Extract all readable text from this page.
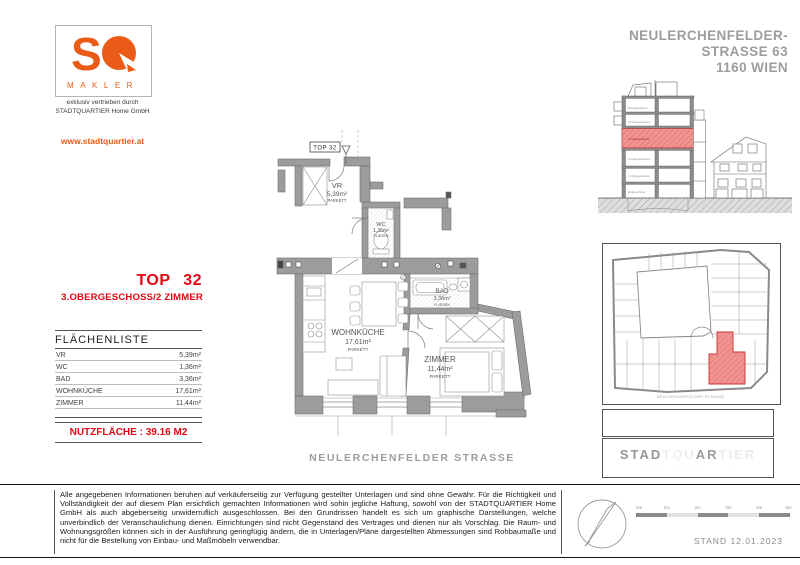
S
MAKLER
exklusiv vertrieben durch
STADTQUARTIER Home GmbH
www.stadtquartier.at
NEULERCHENFELDER-
STRASSE 63
1160 WIEN
Dachgeschoss
4.Obergeschoss
3.Obergeschoss
2.Obergeschoss
1.Obergeschoss
Erdgeschoss
TOP 32
3.OBERGESCHOSS/2 ZIMMER
FLÄCHENLISTE
VR	5,39m²
WC	1,36m²
BAD	3,36m²
WOHNKÜCHE	17,61m²
ZIMMER	11,44m²
NUTZFLÄCHE : 39.16 M2
TOP 32
VR
5,39m²
PARKETT
WC
1,36m²
FLIESEN
BAD
3,36m²
FLIESEN
WOHNKÜCHE
17,61m²
PARKETT
ZIMMER
11,44m²
PARKETT
NEULERCHENFELDER STRASSE
NEULERCHENFELDER STRASSE
STADTQUARTIER
· · ·   · · · ·   · ·
Alle angegebenen Informationen beruhen auf verkäuferseitig zur Verfügung gestellter Unterlagen und sind ohne Gewähr. Für die Richtigkeit und Vollständigkeit der auf diesem Plan ersichtlich gemachten Informationen wird sohin jegliche Haftung, sowohl von der STADTQUARTIER Home GmbH als auch abgeberseitig unwiderruflich ausgeschlossen. Bei den Grundrissen handelt es sich um graphische Darstellungen, welche unverbindlich der Veranschaulichung dienen. Einrichtungen sind nicht Gegenstand des Vertrages und dienen nur als Vorschlag. Die Raum- und Wohnungsgrößen können sich in der Ausführung geringfügig ändern, die in Unterlagen/Pläne dargestellten Abmessungen sind Rohbaumaße und nicht für die Bestellung von Einbau- und Maßmöbeln verwendbar.
0m	1m	2m	3m	4m	5m
STAND 12.01.2023
